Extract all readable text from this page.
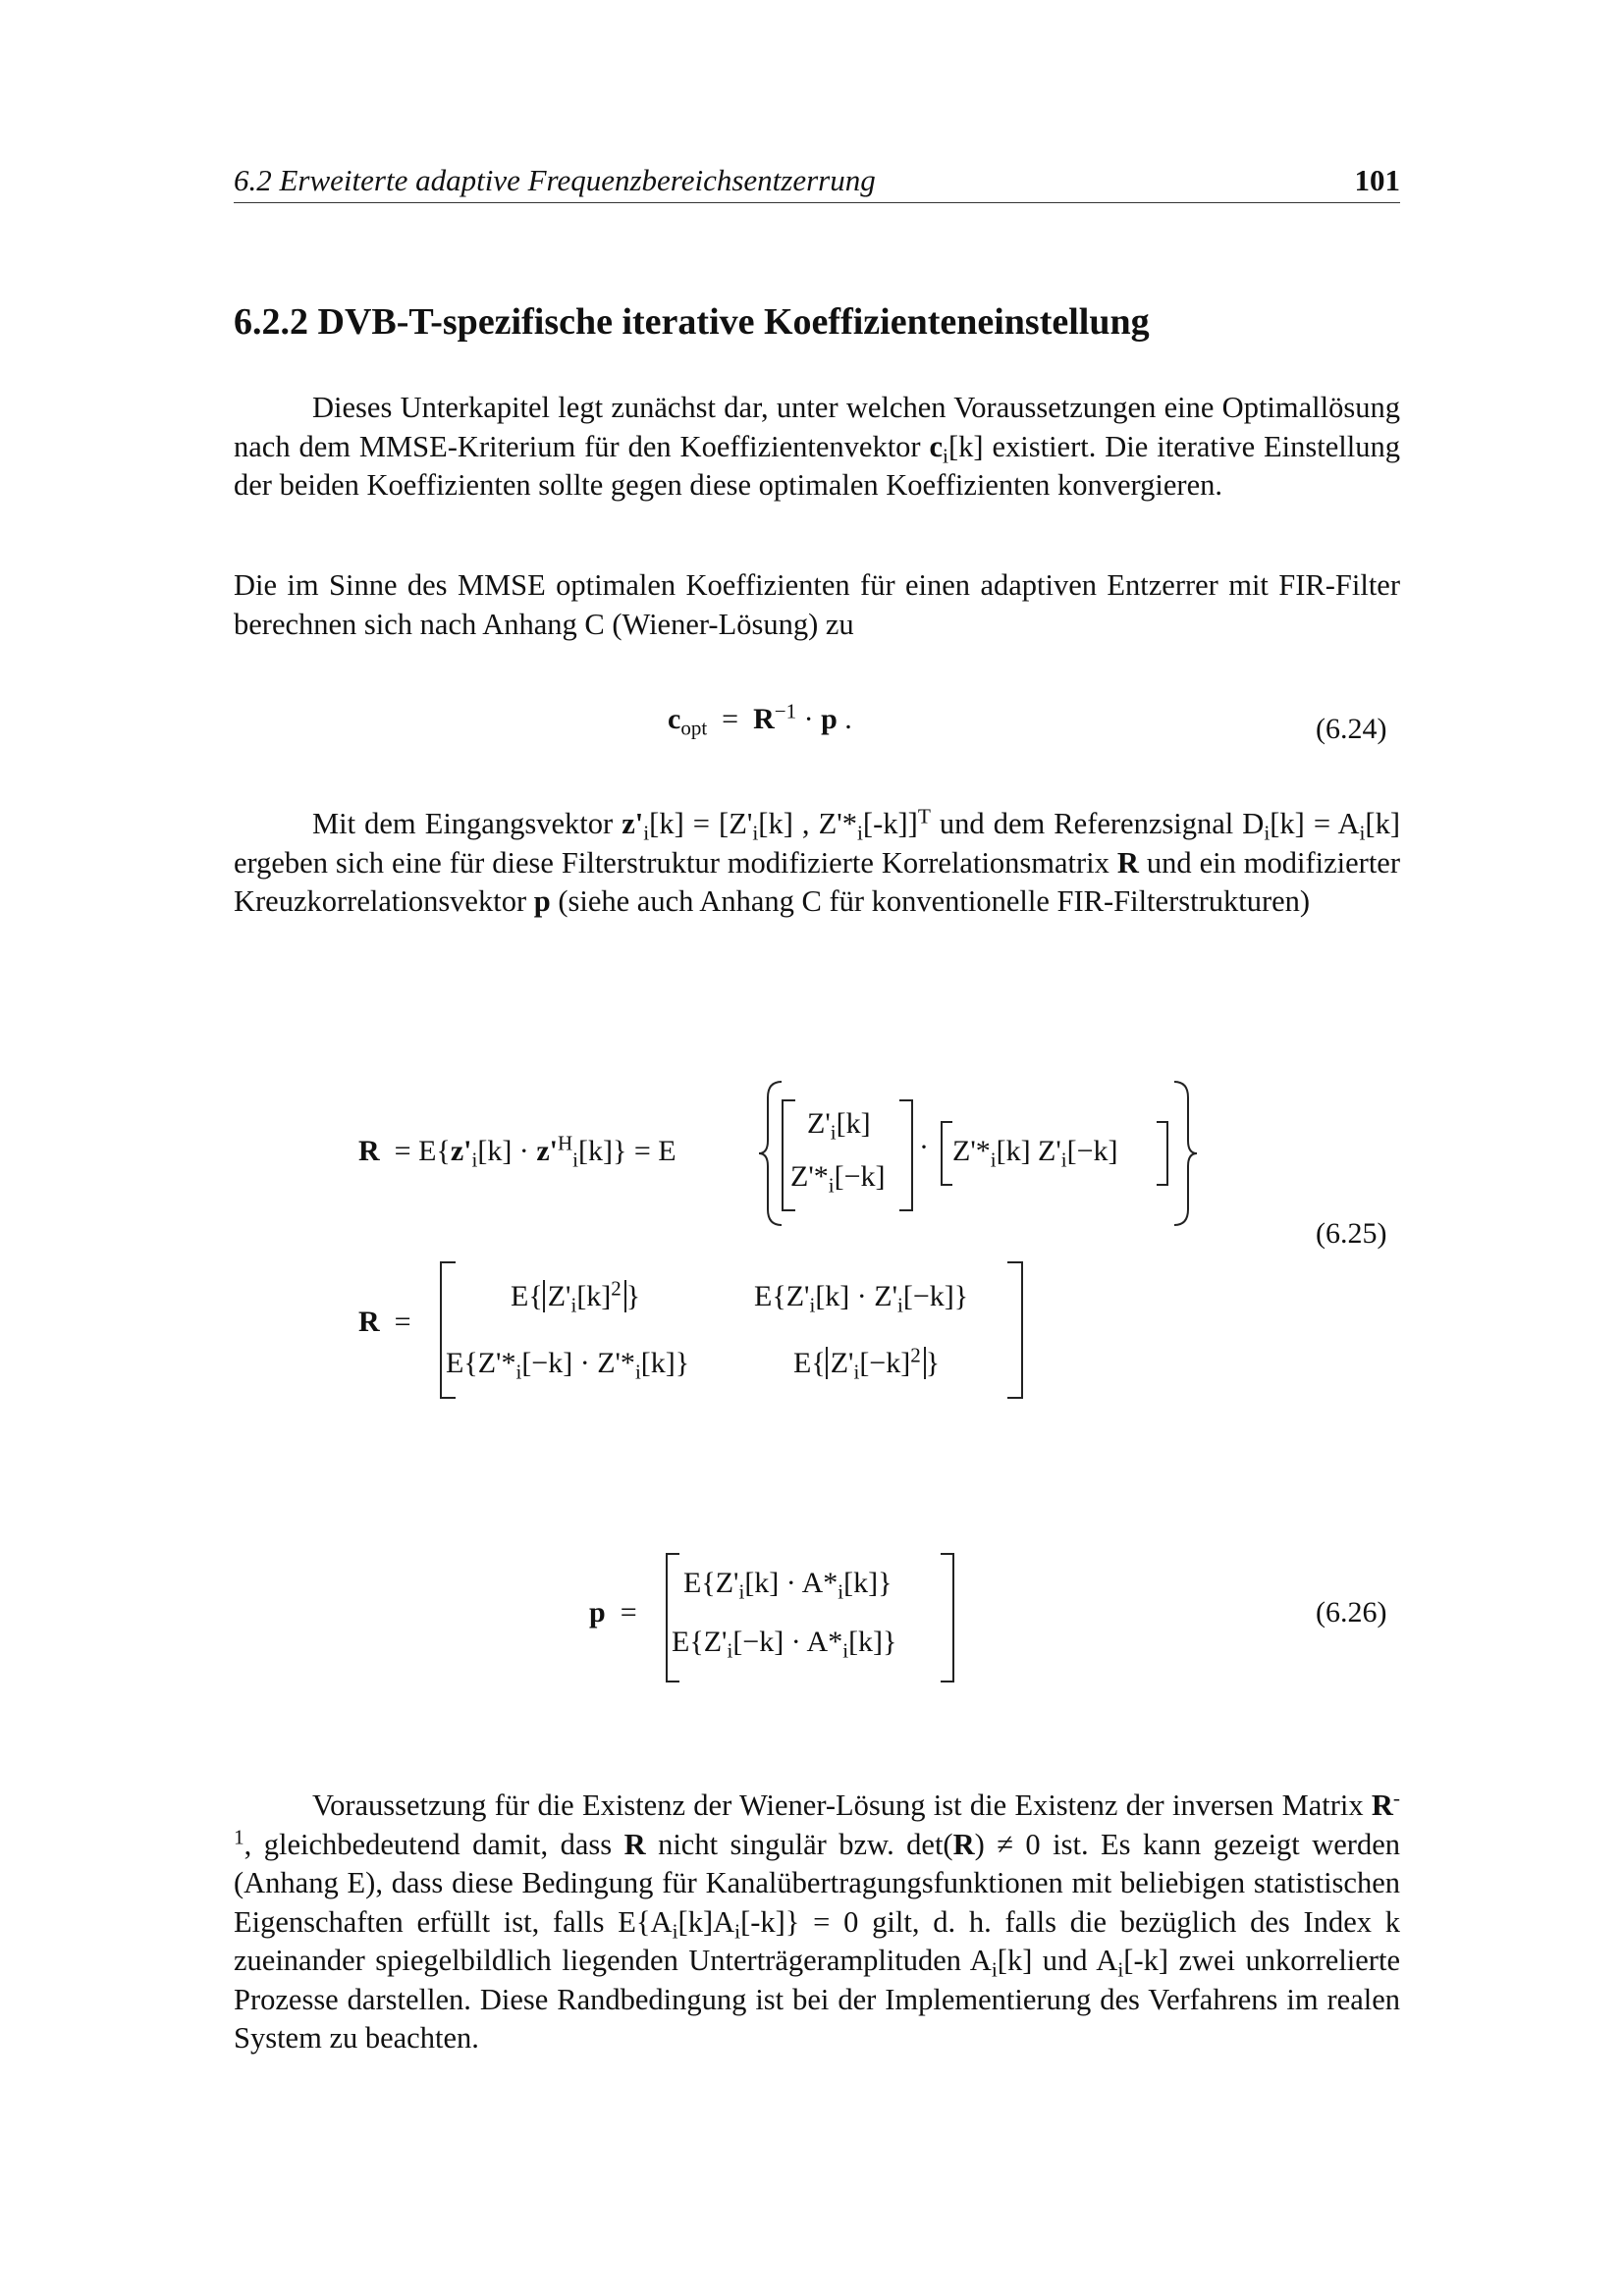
6.2 Erweiterte adaptive Frequenzbereichsentzerrung	101
6.2.2 DVB-T-spezifische iterative Koeffizienteneinstellung

Dieses Unterkapitel legt zunächst dar, unter welchen Voraussetzungen eine Optimallösung nach dem MMSE-Kriterium für den Koeffizientenvektor $c_i[k]$ existiert. Die iterative Einstellung der beiden Koeffizienten sollte gegen diese optimalen Koeffizienten konvergieren.

Die im Sinne des MMSE optimalen Koeffizienten für einen adaptiven Entzerrer mit FIR-Filter berechnen sich nach Anhang C (Wiener-Lösung) zu

$c_{opt} = R^{-1} \cdot p$ .	(6.24)

Mit dem Eingangsvektor $z'_i[k] = [Z'_i[k]$ , $Z'*_i[-k]]^T$ und dem Referenzsignal $D_i[k] = A_i[k]$ ergeben sich eine für diese Filterstruktur modifizierte Korrelationsmatrix R und ein modifizierter Kreuzkorrelationsvektor p (siehe auch Anhang C für konventionelle FIR-Filterstrukturen)

$R = E\{z'_i[k] \cdot z'^H_i[k]\} = E$
$Z'_i[k]$
$Z'*_i[-k]$
· $Z'*_i[k]$ $Z'_i[-k]$
(6.25)
R =
E{ $Z'_i[k]^2$ }	$E\{Z'_i[k] \cdot Z'_i[-k]\}$
$E\{Z'*_i[-k] \cdot Z'*_i[k]\}$	E{ $Z'_i[-k]^2$ }
p =
$E\{Z'_i[k] \cdot A*_i[k]\}$
$E\{Z'_i[-k] \cdot A*_i[k]\}$
(6.26)

Voraussetzung für die Existenz der Wiener-Lösung ist die Existenz der inversen Matrix $R^{-1}$, gleichbedeutend damit, dass R nicht singulär bzw. det(R) ≠ 0 ist. Es kann gezeigt werden (Anhang E), dass diese Bedingung für Kanalübertragungsfunktionen mit beliebigen statistischen Eigenschaften erfüllt ist, falls $E\{A_i[k]A_i[-k]\} = 0$ gilt, d. h. falls die bezüglich des Index k zueinander spiegelbildlich liegenden Unterträgeramplituden $A_i[k]$ und $A_i[-k]$ zwei unkorrelierte Prozesse darstellen. Diese Randbedingung ist bei der Implementierung des Verfahrens im realen System zu beachten.
